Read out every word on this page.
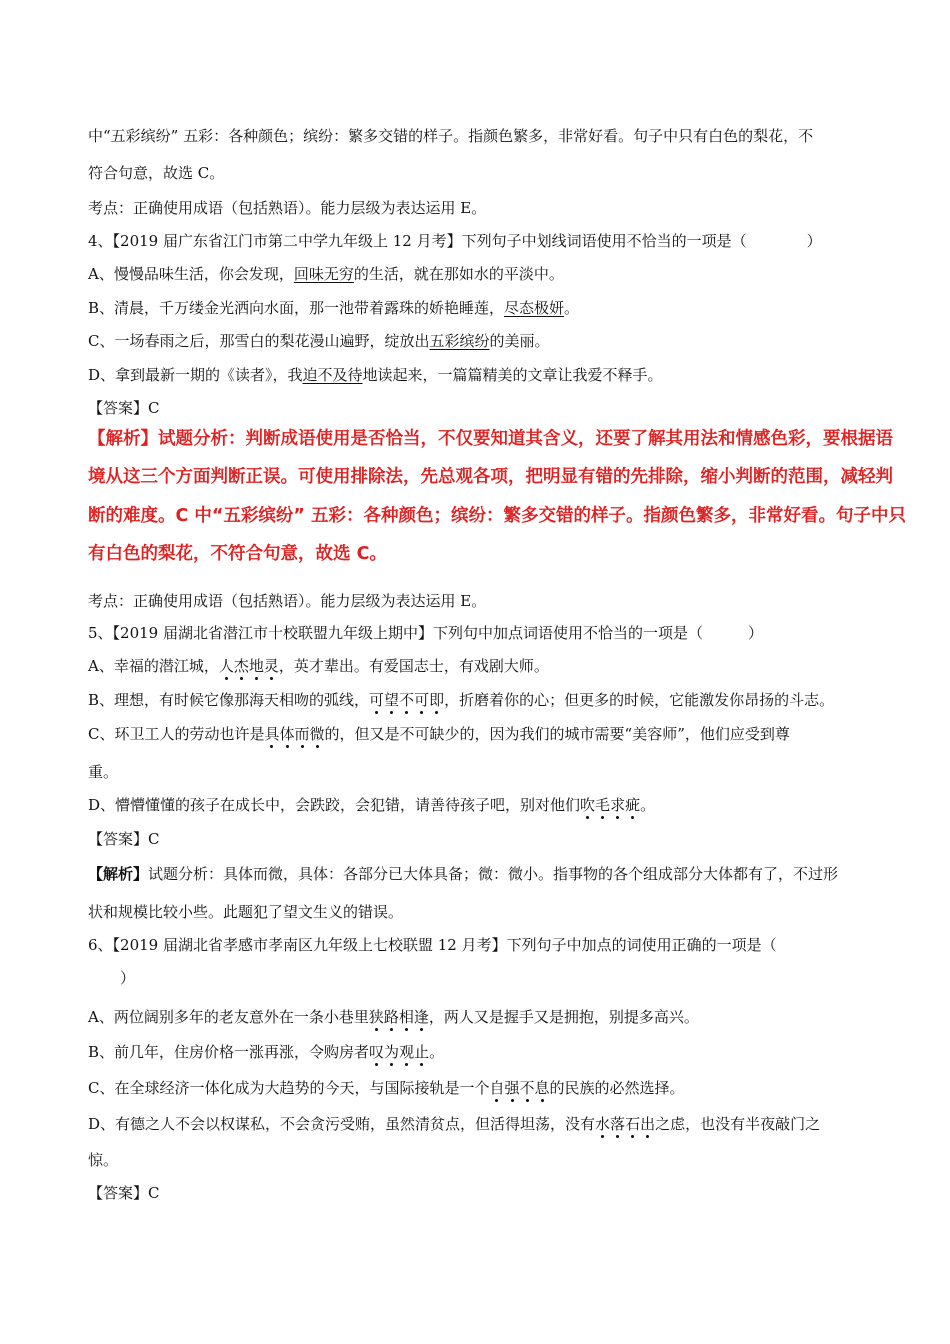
中“五彩缤纷” 五彩：各种颜色；缤纷：繁多交错的样子。指颜色繁多，非常好看。句子中只有白色的梨花，不
符合句意，故选 C。
考点：正确使用成语（包括熟语）。能力层级为表达运用 E。
4、【2019 届广东省江门市第二中学九年级上 12 月考】下列句子中划线词语使用不恰当的一项是（　　　　）
A、慢慢品味生活，你会发现，回味无穷的生活，就在那如水的平淡中。
B、清晨，千万缕金光洒向水面，那一池带着露珠的娇艳睡莲，尽态极妍。
C、一场春雨之后，那雪白的梨花漫山遍野，绽放出五彩缤纷的美丽。
D、拿到最新一期的《读者》，我迫不及待地读起来，一篇篇精美的文章让我爱不释手。
【答案】C
【解析】试题分析：判断成语使用是否恰当，不仅要知道其含义，还要了解其用法和情感色彩，要根据语
境从这三个方面判断正误。可使用排除法，先总观各项，把明显有错的先排除，缩小判断的范围，减轻判
断的难度。C 中“五彩缤纷” 五彩：各种颜色；缤纷：繁多交错的样子。指颜色繁多，非常好看。句子中只
有白色的梨花，不符合句意，故选 C。
考点：正确使用成语（包括熟语）。能力层级为表达运用 E。
5、【2019 届湖北省潜江市十校联盟九年级上期中】下列句中加点词语使用不恰当的一项是（　　　）
A、幸福的潜江城，人杰地灵，英才辈出。有爱国志士，有戏剧大师。
B、理想，有时候它像那海天相吻的弧线，可望不可即，折磨着你的心；但更多的时候，它能激发你昂扬的斗志。
C、环卫工人的劳动也许是具体而微的，但又是不可缺少的，因为我们的城市需要“美容师”，他们应受到尊
重。
D、懵懵懂懂的孩子在成长中，会跌跤，会犯错，请善待孩子吧，别对他们吹毛求疵。
【答案】C
【解析】试题分析：具体而微，具体：各部分已大体具备；微：微小。指事物的各个组成部分大体都有了，不过形
状和规模比较小些。此题犯了望文生义的错误。
6、【2019 届湖北省孝感市孝南区九年级上七校联盟 12 月考】下列句子中加点的词使用正确的一项是（
）
A、两位阔别多年的老友意外在一条小巷里狭路相逢，两人又是握手又是拥抱，别提多高兴。
B、前几年，住房价格一涨再涨，令购房者叹为观止。
C、在全球经济一体化成为大趋势的今天，与国际接轨是一个自强不息的民族的必然选择。
D、有德之人不会以权谋私，不会贪污受贿，虽然清贫点，但活得坦荡，没有水落石出之虑，也没有半夜敲门之
惊。
【答案】C
